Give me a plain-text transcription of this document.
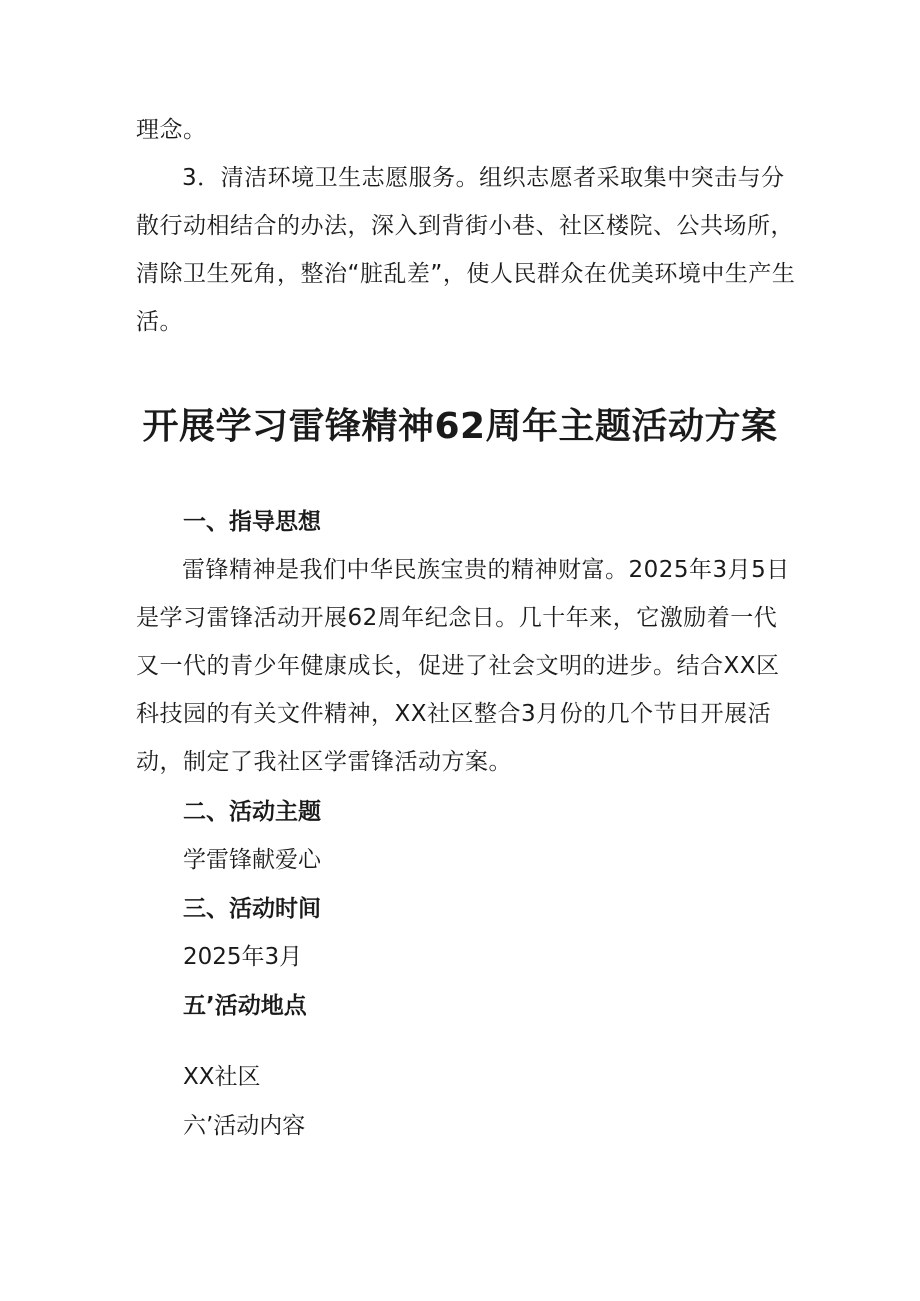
理念。

3．清洁环境卫生志愿服务。组织志愿者采取集中突击与分散行动相结合的办法，深入到背街小巷、社区楼院、公共场所，清除卫生死角，整治“脏乱差”，使人民群众在优美环境中生产生活。

开展学习雷锋精神62周年主题活动方案

一、指导思想

雷锋精神是我们中华民族宝贵的精神财富。2025年3月5日是学习雷锋活动开展62周年纪念日。几十年来，它激励着一代又一代的青少年健康成长，促进了社会文明的进步。结合XX区科技园的有关文件精神，XX社区整合3月份的几个节日开展活动，制定了我社区学雷锋活动方案。

二、活动主题

学雷锋献爱心

三、活动时间

2025年3月

五’活动地点

XX社区

六’活动内容
